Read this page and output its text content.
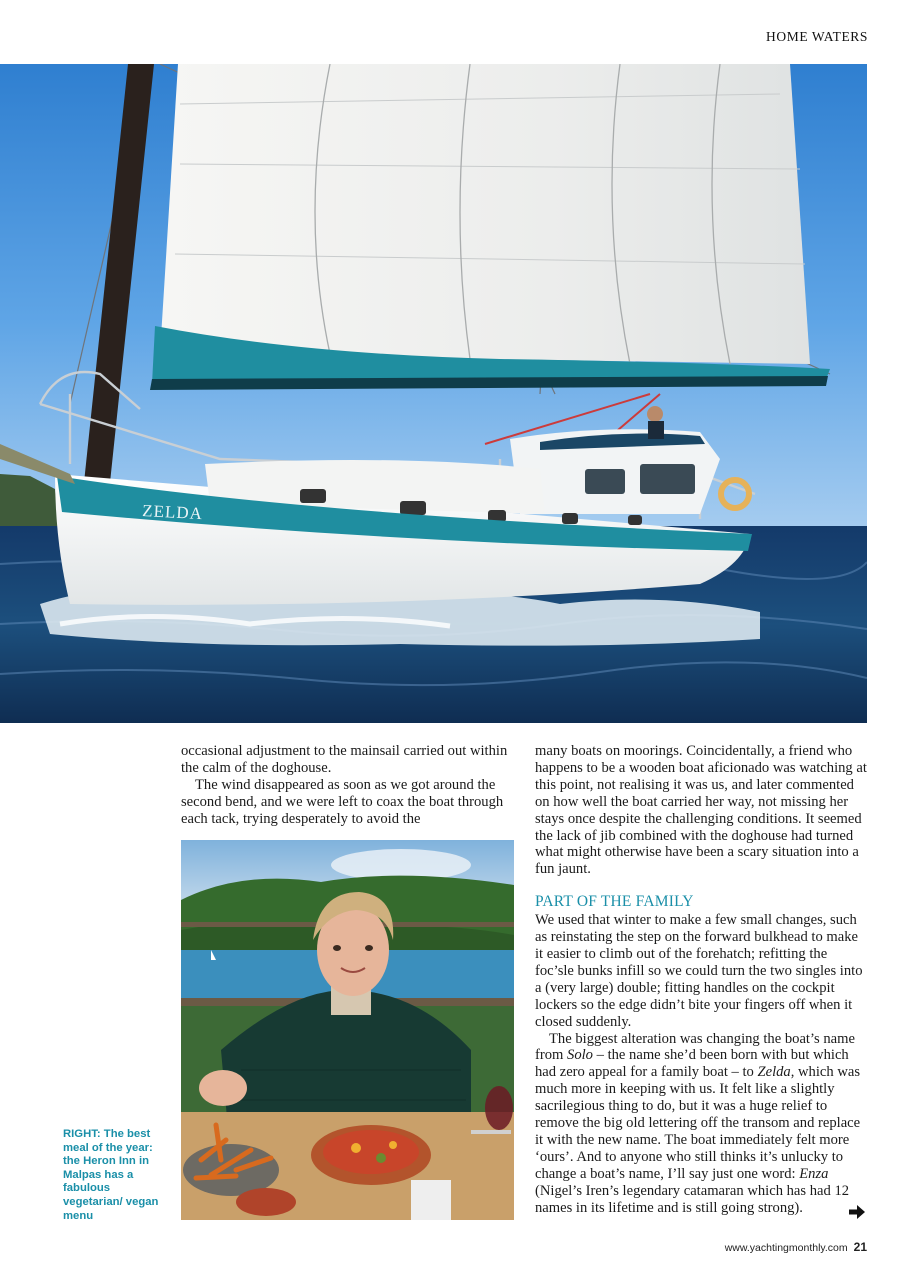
HOME WATERS
ZELDA

occasional adjustment to the mainsail carried out within the calm of the doghouse.

The wind disappeared as soon as we got around the second bend, and we were left to coax the boat through each tack, trying desperately to avoid the

RIGHT: The best meal of the year: the Heron Inn in Malpas has a fabulous vegetarian/ vegan menu

many boats on moorings. Coincidentally, a friend who happens to be a wooden boat aficionado was watching at this point, not realising it was us, and later commented on how well the boat carried her way, not missing her stays once despite the challenging conditions. It seemed the lack of jib combined with the doghouse had turned what might otherwise have been a scary situation into a fun jaunt.

PART OF THE FAMILY

We used that winter to make a few small changes, such as reinstating the step on the forward bulkhead to make it easier to climb out of the forehatch; refitting the foc’sle bunks infill so we could turn the two singles into a (very large) double; fitting handles on the cockpit lockers so the edge didn’t bite your fingers off when it closed suddenly.

The biggest alteration was changing the boat’s name from Solo – the name she’d been born with but which had zero appeal for a family boat – to Zelda, which was much more in keeping with us. It felt like a slightly sacrilegious thing to do, but it was a huge relief to remove the big old lettering off the transom and replace it with the new name. The boat immediately felt more ‘ours’. And to anyone who still thinks it’s unlucky to change a boat’s name, I’ll say just one word: Enza (Nigel’s Iren’s legendary catamaran which has had 12 names in its lifetime and is still going strong).

www.yachtingmonthly.com 21
